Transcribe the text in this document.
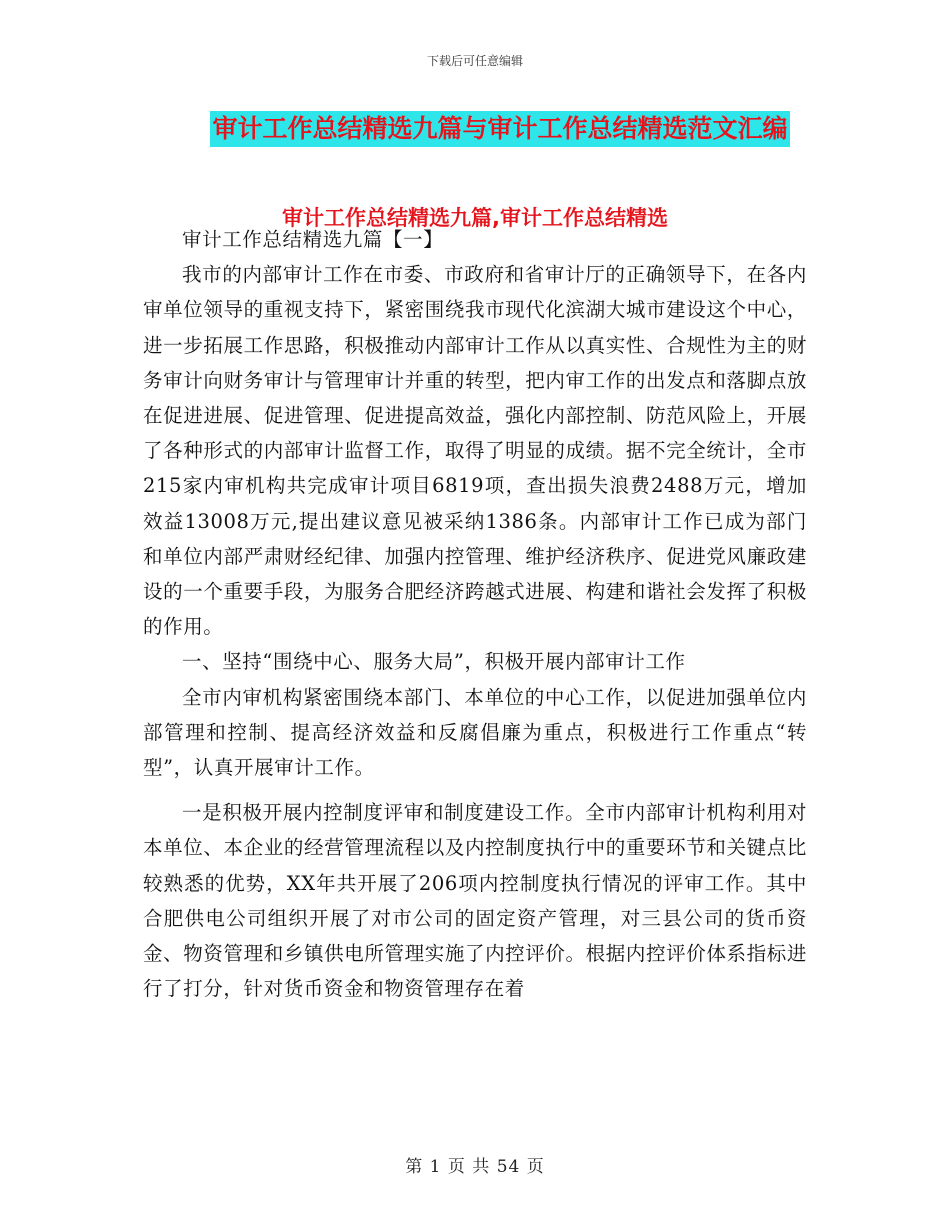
下载后可任意编辑
审计工作总结精选九篇与审计工作总结精选范文汇编
审计工作总结精选九篇,审计工作总结精选

审计工作总结精选九篇【一】

我市的内部审计工作在市委、市政府和省审计厅的正确领导下，在各内审单位领导的重视支持下，紧密围绕我市现代化滨湖大城市建设这个中心，进一步拓展工作思路，积极推动内部审计工作从以真实性、合规性为主的财务审计向财务审计与管理审计并重的转型，把内审工作的出发点和落脚点放在促进进展、促进管理、促进提高效益，强化内部控制、防范风险上，开展了各种形式的内部审计监督工作，取得了明显的成绩。据不完全统计，全市215家内审机构共完成审计项目6819项，查出损失浪费2488万元，增加效益13008万元,提出建议意见被采纳1386条。内部审计工作已成为部门和单位内部严肃财经纪律、加强内控管理、维护经济秩序、促进党风廉政建设的一个重要手段，为服务合肥经济跨越式进展、构建和谐社会发挥了积极的作用。

一、坚持“围绕中心、服务大局”，积极开展内部审计工作

全市内审机构紧密围绕本部门、本单位的中心工作，以促进加强单位内部管理和控制、提高经济效益和反腐倡廉为重点，积极进行工作重点“转型”，认真开展审计工作。

一是积极开展内控制度评审和制度建设工作。全市内部审计机构利用对本单位、本企业的经营管理流程以及内控制度执行中的重要环节和关键点比较熟悉的优势，XX年共开展了206项内控制度执行情况的评审工作。其中合肥供电公司组织开展了对市公司的固定资产管理，对三县公司的货币资金、物资管理和乡镇供电所管理实施了内控评价。根据内控评价体系指标进行了打分，针对货币资金和物资管理存在着

第 1 页 共 54 页
